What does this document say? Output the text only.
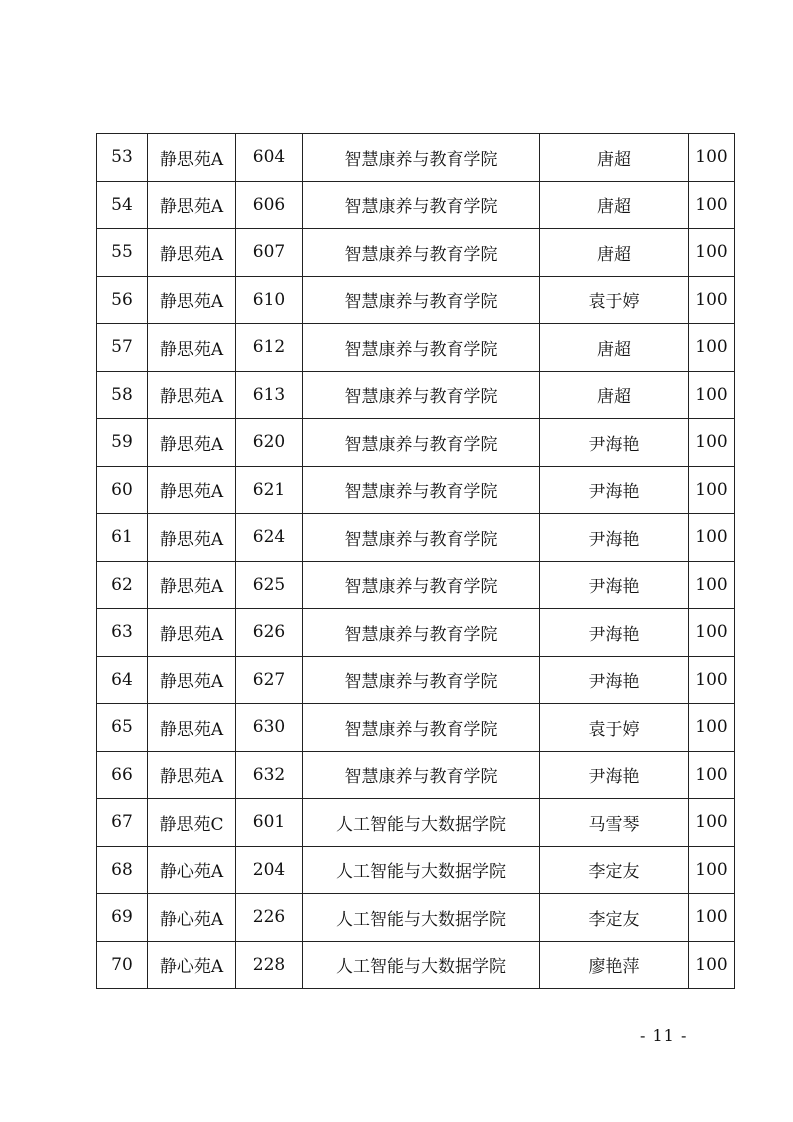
53	静思苑A	604	智慧康养与教育学院	唐超	100
54	静思苑A	606	智慧康养与教育学院	唐超	100
55	静思苑A	607	智慧康养与教育学院	唐超	100
56	静思苑A	610	智慧康养与教育学院	袁于婷	100
57	静思苑A	612	智慧康养与教育学院	唐超	100
58	静思苑A	613	智慧康养与教育学院	唐超	100
59	静思苑A	620	智慧康养与教育学院	尹海艳	100
60	静思苑A	621	智慧康养与教育学院	尹海艳	100
61	静思苑A	624	智慧康养与教育学院	尹海艳	100
62	静思苑A	625	智慧康养与教育学院	尹海艳	100
63	静思苑A	626	智慧康养与教育学院	尹海艳	100
64	静思苑A	627	智慧康养与教育学院	尹海艳	100
65	静思苑A	630	智慧康养与教育学院	袁于婷	100
66	静思苑A	632	智慧康养与教育学院	尹海艳	100
67	静思苑C	601	人工智能与大数据学院	马雪琴	100
68	静心苑A	204	人工智能与大数据学院	李定友	100
69	静心苑A	226	人工智能与大数据学院	李定友	100
70	静心苑A	228	人工智能与大数据学院	廖艳萍	100
- 11 -
